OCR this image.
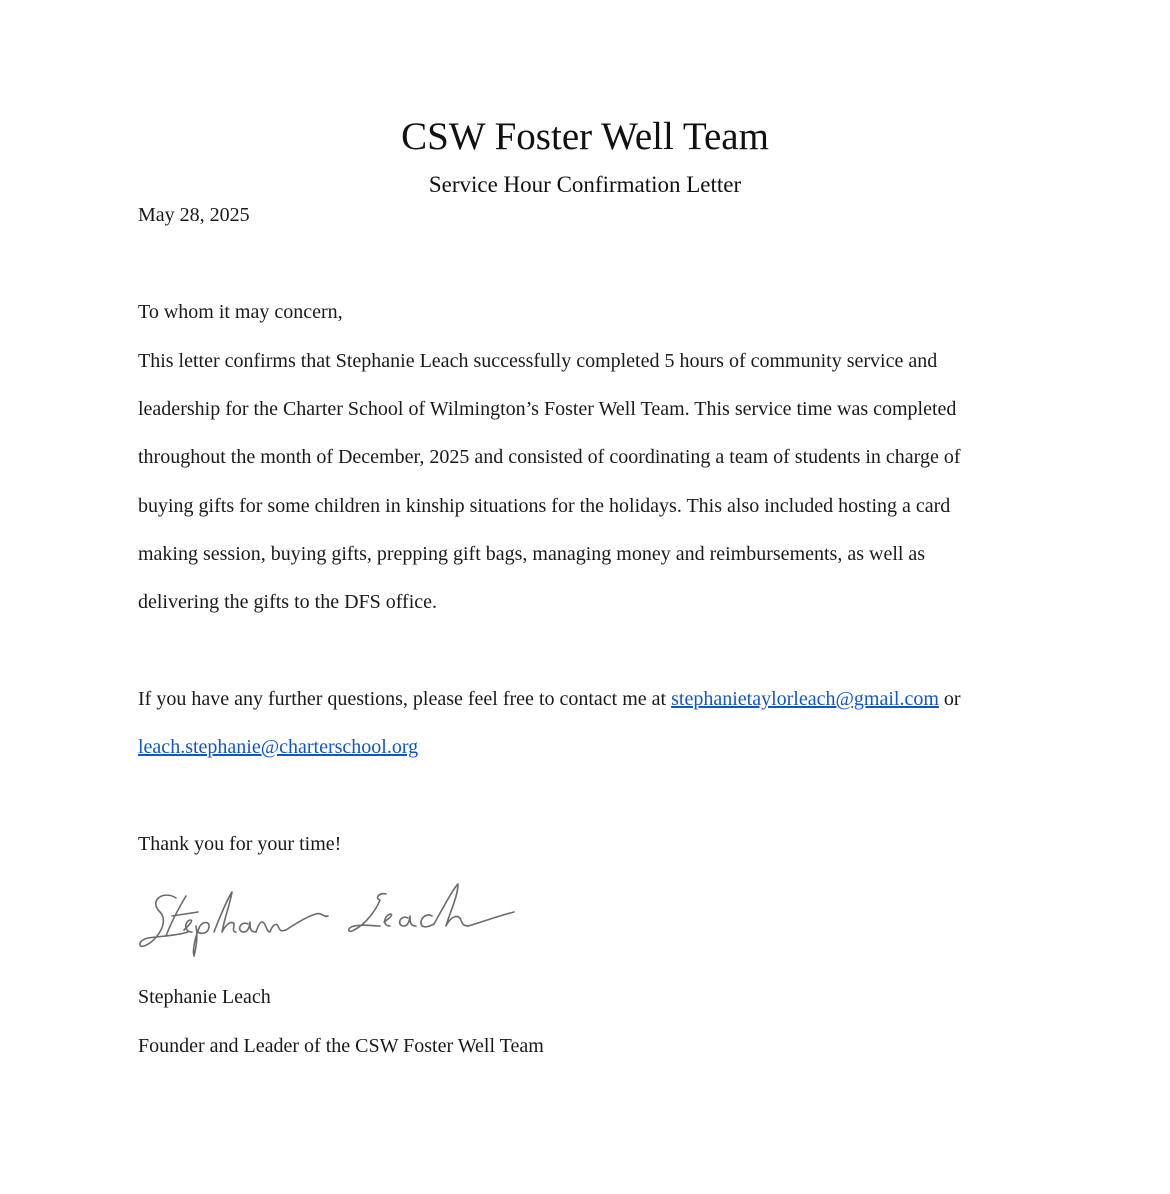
CSW Foster Well Team
Service Hour Confirmation Letter
May 28, 2025
To whom it may concern,
This letter confirms that Stephanie Leach successfully completed 5 hours of community service and
leadership for the Charter School of Wilmington’s Foster Well Team. This service time was completed
throughout the month of December, 2025 and consisted of coordinating a team of students in charge of
buying gifts for some children in kinship situations for the holidays. This also included hosting a card
making session, buying gifts, prepping gift bags, managing money and reimbursements, as well as
delivering the gifts to the DFS office.
If you have any further questions, please feel free to contact me at stephanietaylorleach@gmail.com or
leach.stephanie@charterschool.org
Thank you for your time!
Stephanie Leach
Founder and Leader of the CSW Foster Well Team
